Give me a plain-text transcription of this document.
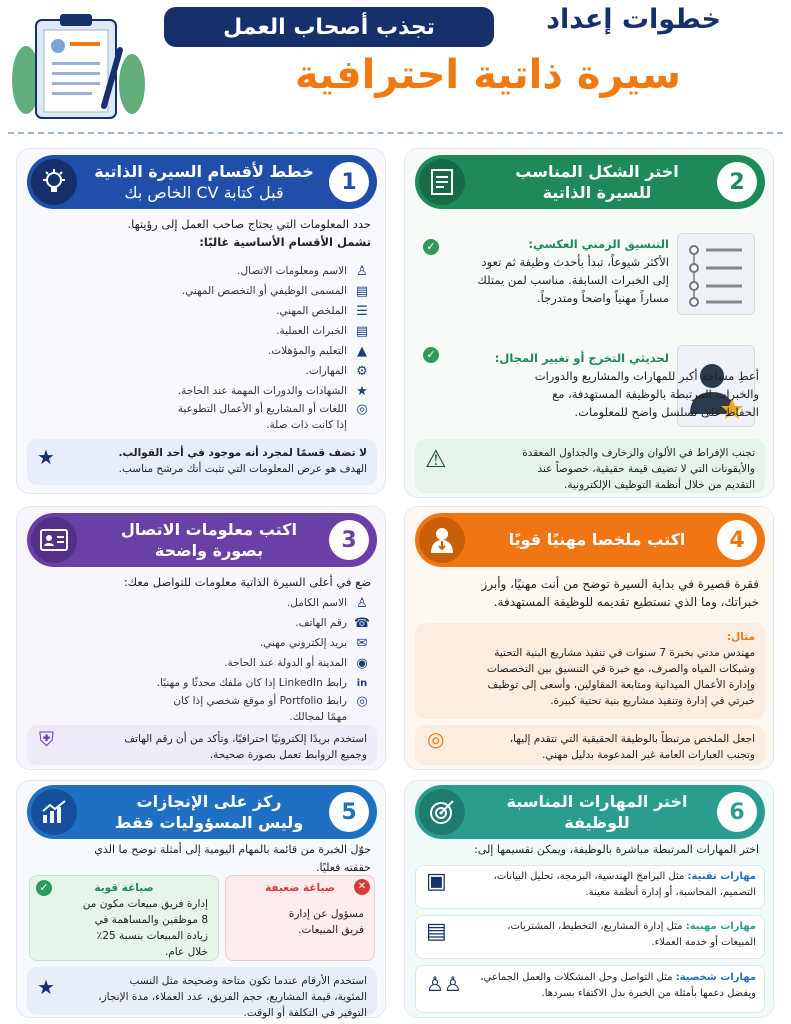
تجذب أصحاب العمل	خطوات إعداد
سيرة ذاتية احترافية
1
خطط لأقسام السيرة الذاتية
قبل كتابة CV الخاص بك
حدد المعلومات التي يحتاج صاحب العمل إلى رؤيتها.
تشمل الأقسام الأساسية غالبًا:
♙
الاسم ومعلومات الاتصال.
▤
المسمى الوظيفي أو التخصص المهني.
☰
الملخص المهني.
▤
الخبرات العملية.
▲
التعليم والمؤهلات.
⚙
المهارات.
★
الشهادات والدورات المهمة عند الحاجة.
◎
اللغات أو المشاريع أو الأعمال التطوعية
إذا كانت ذات صلة.
★	لا تضف قسمًا لمجرد أنه موجود في أحد القوالب.
الهدف هو عرض المعلومات التي تثبت أنك مرشح مناسب.
2
اختر الشكل المناسب
للسيرة الذاتية
التنسيق الزمني العكسي:
الأكثر شيوعاً، تبدأ بأحدث وظيفة ثم تعود
إلى الخبرات السابقة. مناسب لمن يمتلك
مساراً مهنياً واضحاً ومتدرجاً.
✓
لحديثي التخرج أو تغيير المجال:
أعطِ مساحة أكبر للمهارات والمشاريع والدورات
والخبرات المرتبطة بالوظيفة المستهدفة، مع
الحفاظ على تسلسل واضح للمعلومات.
✓
⚠	تجنب الإفراط في الألوان والزخارف والجداول المعقدة
والأيقونات التي لا تضيف قيمة حقيقية، خصوصاً عند
التقديم من خلال أنظمة التوظيف الإلكترونية.
3
اكتب معلومات الاتصال
بصورة واضحة
ضع في أعلى السيرة الذاتية معلومات للتواصل معك:
♙
الاسم الكامل.
☎
رقم الهاتف.
✉
بريد إلكتروني مهني.
◉
المدينة أو الدولة عند الحاجة.
in
رابط LinkedIn إذا كان ملفك محدثًا و مهنيًا.
◎
رابط Portfolio أو موقع شخصي إذا كان
مهمًا لمجالك.
⛨	استخدم بريدًا إلكترونيًا احترافيًا، وتأكد من أن رقم الهاتف
وجميع الروابط تعمل بصورة صحيحة.
4
اكتب ملخصا مهنيًا قويًا
فقرة قصيرة في بداية السيرة توضح من أنت مهنيًا، وأبرز
خبراتك، وما الذي تستطيع تقديمه للوظيفة المستهدفة.
مثال:
مهندس مدني بخبرة 7 سنوات في تنفيذ مشاريع البنية التحتية
وشبكات المياه والصرف، مع خبرة في التنسيق بين التخصصات
وإدارة الأعمال الميدانية ومتابعة المقاولين، وأسعى إلى توظيف
خبرتي في إدارة وتنفيذ مشاريع بنية تحتية كبيرة.
◎	اجعل الملخص مرتبطاً بالوظيفة الحقيقية التي تتقدم إليها،
وتجنب العبارات العامة غير المدعومة بدليل مهني.
5
ركز على الإنجازات
وليس المسؤوليات فقط
حوّل الخبرة من قائمة بالمهام اليومية إلى أمثلة توضح ما الذي
حققته فعليًا.
✓	صياغة قوية
إدارة فريق مبيعات مكون من
8 موظفين والمساهمة في
زيادة المبيعات بنسبة 25٪
خلال عام.
✕
صياغة ضعيفة
مسؤول عن إدارة
فريق المبيعات.
★	استخدم الأرقام عندما تكون متاحة وصحيحة مثل النسب
المئوية، قيمة المشاريع، حجم الفريق، عدد العملاء، مدة الإنجاز،
التوفير في التكلفة أو الوقت.
6
اختر المهارات المناسبة
للوظيفة
اختر المهارات المرتبطة مباشرة بالوظيفة، ويمكن تقسيمها إلى:
▣	مهارات تقنية: مثل البرامج الهندسية، البرمجة، تحليل البيانات،
التصميم، المحاسبة، أو إدارة أنظمة معينة.
▤	مهارات مهنية: مثل إدارة المشاريع، التخطيط، المشتريات،
المبيعات أو خدمة العملاء.
♙♙	مهارات شخصية: مثل التواصل وحل المشكلات والعمل الجماعي،
ويفضل دعمها بأمثلة من الخبرة بدل الاكتفاء بسردها.
